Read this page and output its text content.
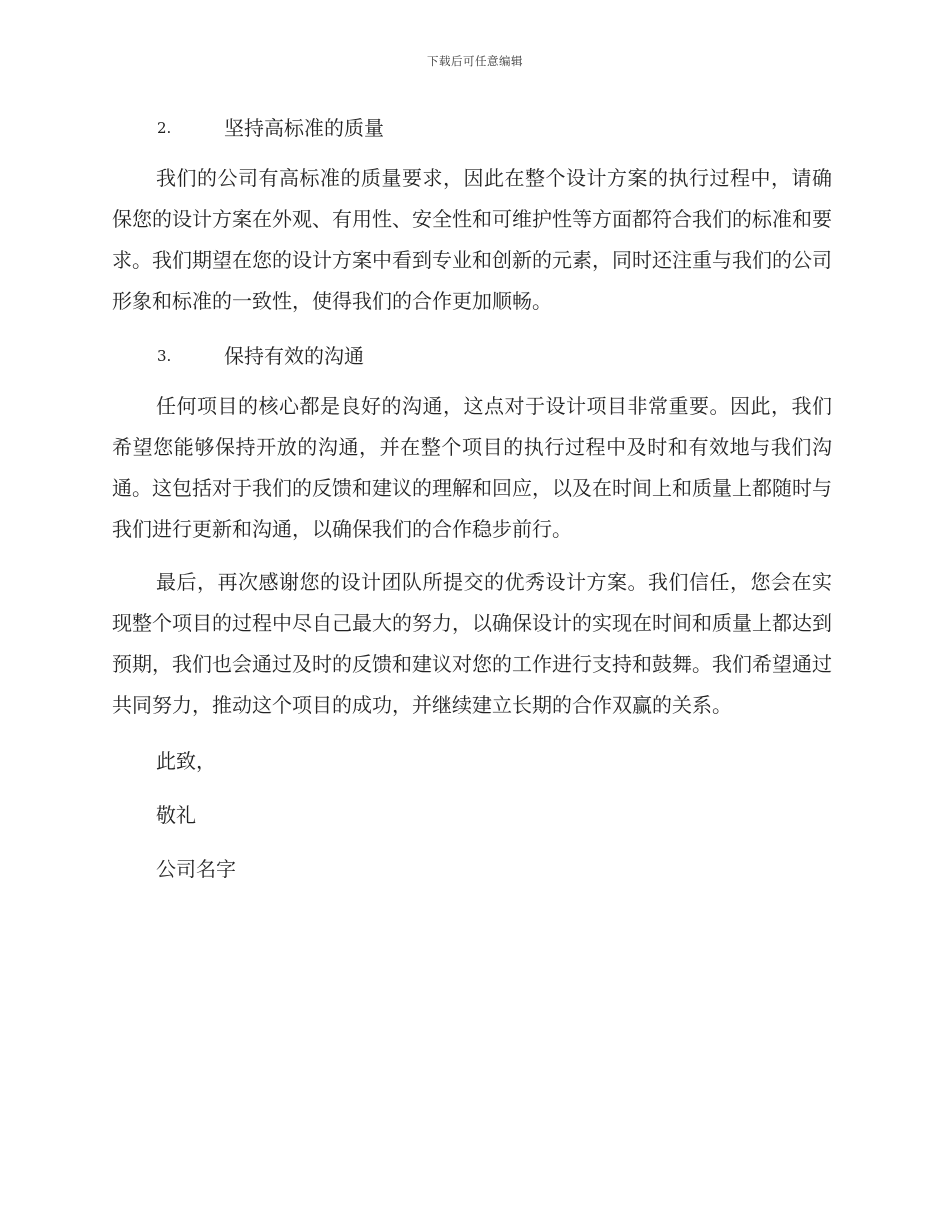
下载后可任意编辑
2.	坚持高标准的质量

我们的公司有高标准的质量要求，因此在整个设计方案的执行过程中，请确保您的设计方案在外观、有用性、安全性和可维护性等方面都符合我们的标准和要求。我们期望在您的设计方案中看到专业和创新的元素，同时还注重与我们的公司形象和标准的一致性，使得我们的合作更加顺畅。

3.	保持有效的沟通

任何项目的核心都是良好的沟通，这点对于设计项目非常重要。因此，我们希望您能够保持开放的沟通，并在整个项目的执行过程中及时和有效地与我们沟通。这包括对于我们的反馈和建议的理解和回应，以及在时间上和质量上都随时与我们进行更新和沟通，以确保我们的合作稳步前行。

最后，再次感谢您的设计团队所提交的优秀设计方案。我们信任，您会在实现整个项目的过程中尽自己最大的努力，以确保设计的实现在时间和质量上都达到预期，我们也会通过及时的反馈和建议对您的工作进行支持和鼓舞。我们希望通过共同努力，推动这个项目的成功，并继续建立长期的合作双赢的关系。

此致，
敬礼
公司名字
